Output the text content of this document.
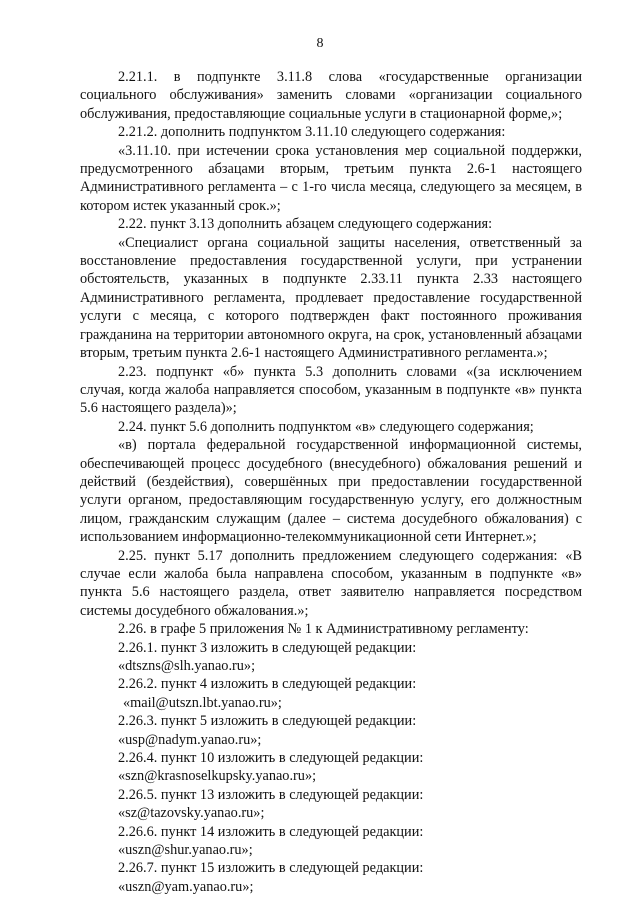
8

2.21.1. в подпункте 3.11.8 слова «государственные организации социального обслуживания» заменить словами «организации социального обслуживания, предоставляющие социальные услуги в стационарной форме,»;

2.21.2. дополнить подпунктом 3.11.10 следующего содержания:

«3.11.10. при истечении срока установления мер социальной поддержки, предусмотренного абзацами вторым, третьим пункта 2.6-1 настоящего Административного регламента – с 1-го числа месяца, следующего за месяцем, в котором истек указанный срок.»;

2.22. пункт 3.13 дополнить абзацем следующего содержания:

«Специалист органа социальной защиты населения, ответственный за восстановление предоставления государственной услуги, при устранении обстоятельств, указанных в подпункте 2.33.11 пункта 2.33 настоящего Административного регламента, продлевает предоставление государственной услуги с месяца, с которого подтвержден факт постоянного проживания гражданина на территории автономного округа, на срок, установленный абзацами вторым, третьим пункта 2.6-1 настоящего Административного регламента.»;

2.23. подпункт «б» пункта 5.3 дополнить словами «(за исключением случая, когда жалоба направляется способом, указанным в подпункте «в» пункта 5.6 настоящего раздела)»;

2.24. пункт 5.6 дополнить подпунктом «в» следующего содержания;

«в) портала федеральной государственной информационной системы, обеспечивающей процесс досудебного (внесудебного) обжалования решений и действий (бездействия), совершённых при предоставлении государственной услуги органом, предоставляющим государственную услугу, его должностным лицом, гражданским служащим (далее – система досудебного обжалования) с использованием информационно-телекоммуникационной сети Интернет.»;

2.25. пункт 5.17 дополнить предложением следующего содержания: «В случае если жалоба была направлена способом, указанным в подпункте «в» пункта 5.6 настоящего раздела, ответ заявителю направляется посредством системы досудебного обжалования.»;

2.26. в графе 5 приложения № 1 к Административному регламенту:

2.26.1. пункт 3 изложить в следующей редакции:

«dtszns@slh.yanao.ru»;

2.26.2. пункт 4 изложить в следующей редакции:

«mail@utszn.lbt.yanao.ru»;

2.26.3. пункт 5 изложить в следующей редакции:

«usp@nadym.yanao.ru»;

2.26.4. пункт 10 изложить в следующей редакции:

«szn@krasnoselkupsky.yanao.ru»;

2.26.5. пункт 13 изложить в следующей редакции:

«sz@tazovsky.yanao.ru»;

2.26.6. пункт 14 изложить в следующей редакции:

«uszn@shur.yanao.ru»;

2.26.7. пункт 15 изложить в следующей редакции:

«uszn@yam.yanao.ru»;
